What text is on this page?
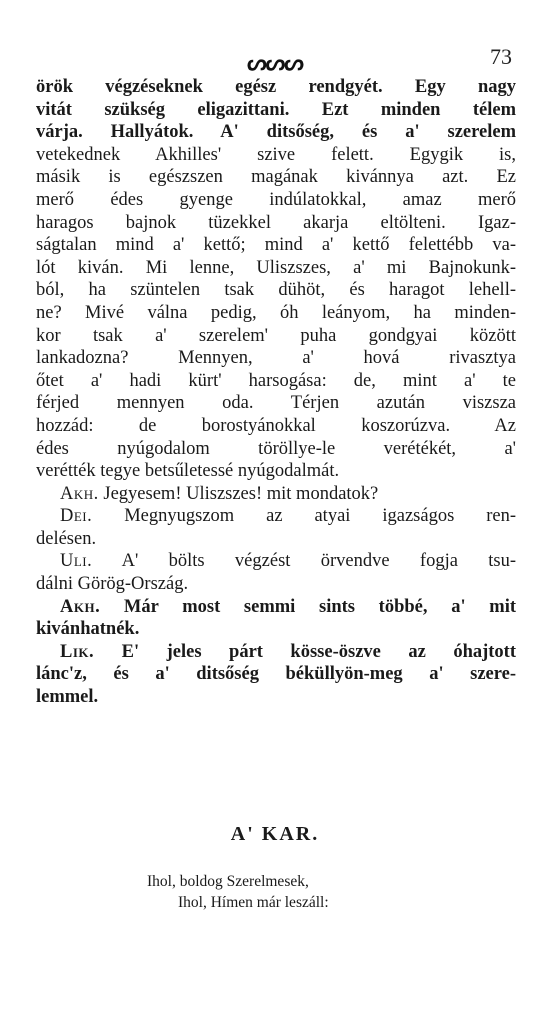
ᔕᔕᔕ	73
örök végzéseknek egész rendgyét. Egy nagy
vitát szükség eligazittani. Ezt minden télem
várja. Hallyátok. A' ditsőség, és a' szerelem
vetekednek Akhilles' szive felett. Egygik is,
másik is egészszen magának kivánnya azt. Ez
merő édes gyenge indúlatokkal, amaz merő
haragos bajnok tüzekkel akarja eltölteni. Igaz-
ságtalan mind a' kettő; mind a' kettő felettébb va-
lót kiván. Mi lenne, Uliszszes, a' mi Bajnokunk-
ból, ha szüntelen tsak dühöt, és haragot lehell-
ne? Mivé válna pedig, óh leányom, ha minden-
kor tsak a' szerelem' puha gondgyai között
lankadozna? Mennyen, a' hová rivasztya
őtet a' hadi kürt' harsogása: de, mint a' te
férjed mennyen oda. Térjen azután viszsza
hozzád: de borostyánokkal koszorúzva. Az
édes nyúgodalom töröllye-le verétékét, a'
verétték tegye betsűletessé nyúgodalmát.
Akh. Jegyesem! Uliszszes! mit mondatok?
Dei. Megnyugszom az atyai igazságos ren-
delésen.
Uli. A' bölts végzést örvendve fogja tsu-
dálni Görög-Ország.
Akh. Már most semmi sints többé, a' mit
kivánhatnék.
Lik. E' jeles párt kösse-öszve az óhajtott
lánc'z, és a' ditsőség béküllyön-meg a' szere-
lemmel.
A' KAR.
Ihol, boldog Szerelmesek,
Ihol, Hímen már leszáll:
